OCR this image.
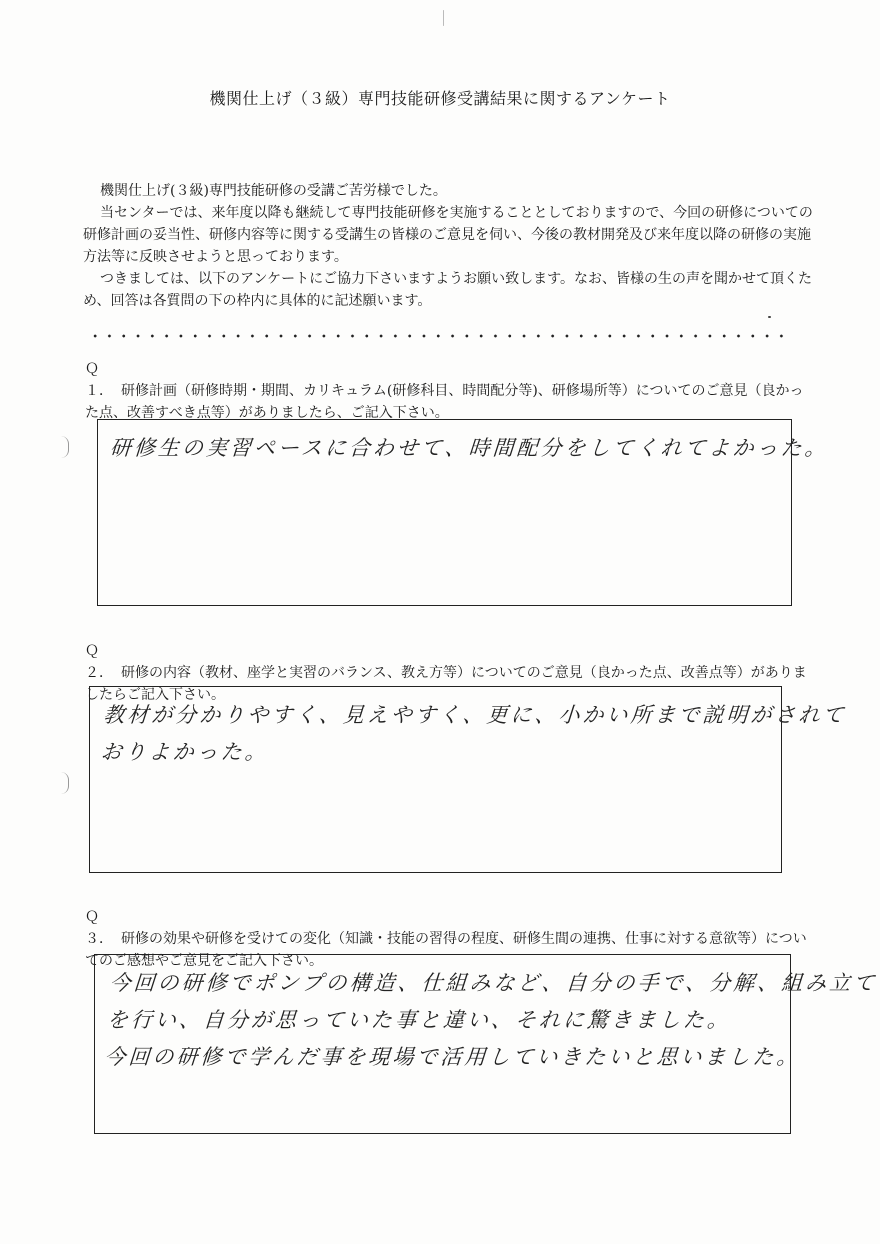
機関仕上げ（３級）専門技能研修受講結果に関するアンケート

機関仕上げ(３級)専門技能研修の受講ご苦労様でした。

当センターでは、来年度以降も継続して専門技能研修を実施することとしておりますので、今回の研修についての研修計画の妥当性、研修内容等に関する受講生の皆様のご意見を伺い、今後の教材開発及び来年度以降の研修の実施方法等に反映させようと思っております。

つきましては、以下のアンケートにご協力下さいますようお願い致します。なお、皆様の生の声を聞かせて頂くため、回答は各質問の下の枠内に具体的に記述願います。

Ｑ１． 研修計画（研修時期・期間、カリキュラム(研修科目、時間配分等)、研修場所等）についてのご意見（良かった点、改善すべき点等）がありましたら、ご記入下さい。
研修生の実習ペースに合わせて、時間配分をしてくれてよかった。
Ｑ２． 研修の内容（教材、座学と実習のバランス、教え方等）についてのご意見（良かった点、改善点等）がありましたらご記入下さい。
教材が分かりやすく、見えやすく、更に、小かい所まで説明がされて
おりよかった。
Ｑ３． 研修の効果や研修を受けての変化（知識・技能の習得の程度、研修生間の連携、仕事に対する意欲等）についてのご感想やご意見をご記入下さい。
今回の研修でポンプの構造、仕組みなど、自分の手で、分解、組み立て
を行い、自分が思っていた事と違い、それに驚きました。
今回の研修で学んだ事を現場で活用していきたいと思いました。
